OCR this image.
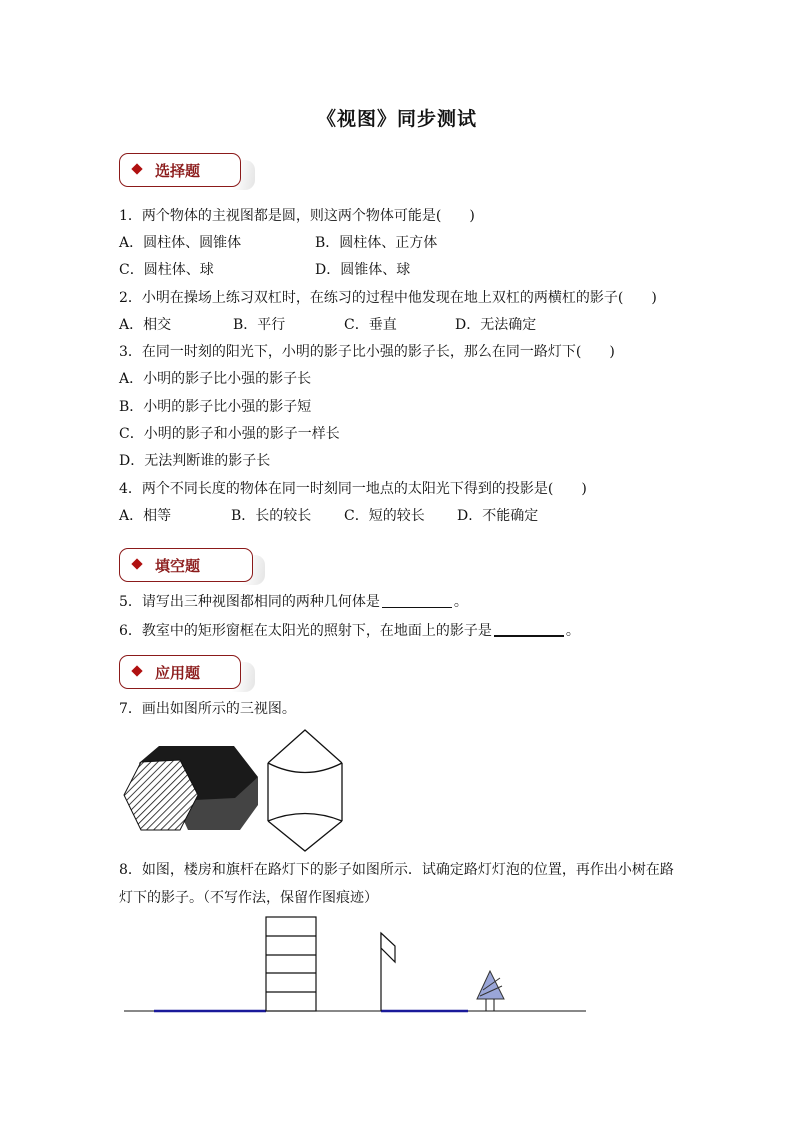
《视图》同步测试
选择题
1．两个物体的主视图都是圆，则这两个物体可能是(　　)
A．圆柱体、圆锥体	B．圆柱体、正方体
C．圆柱体、球	D．圆锥体、球
2．小明在操场上练习双杠时，在练习的过程中他发现在地上双杠的两横杠的影子(　　)
A．相交	B．平行	C．垂直	D．无法确定
3．在同一时刻的阳光下，小明的影子比小强的影子长，那么在同一路灯下(　　)
A．小明的影子比小强的影子长
B．小明的影子比小强的影子短
C．小明的影子和小强的影子一样长
D．无法判断谁的影子长
4．两个不同长度的物体在同一时刻同一地点的太阳光下得到的投影是(　　)
A．相等	B．长的较长 C．短的较长 D．不能确定
填空题
5．请写出三种视图都相同的两种几何体是	。
6．教室中的矩形窗框在太阳光的照射下，在地面上的影子是	。
应用题
7．画出如图所示的三视图。
8．如图，楼房和旗杆在路灯下的影子如图所示．试确定路灯灯泡的位置，再作出小树在路
灯下的影子。（不写作法，保留作图痕迹）
